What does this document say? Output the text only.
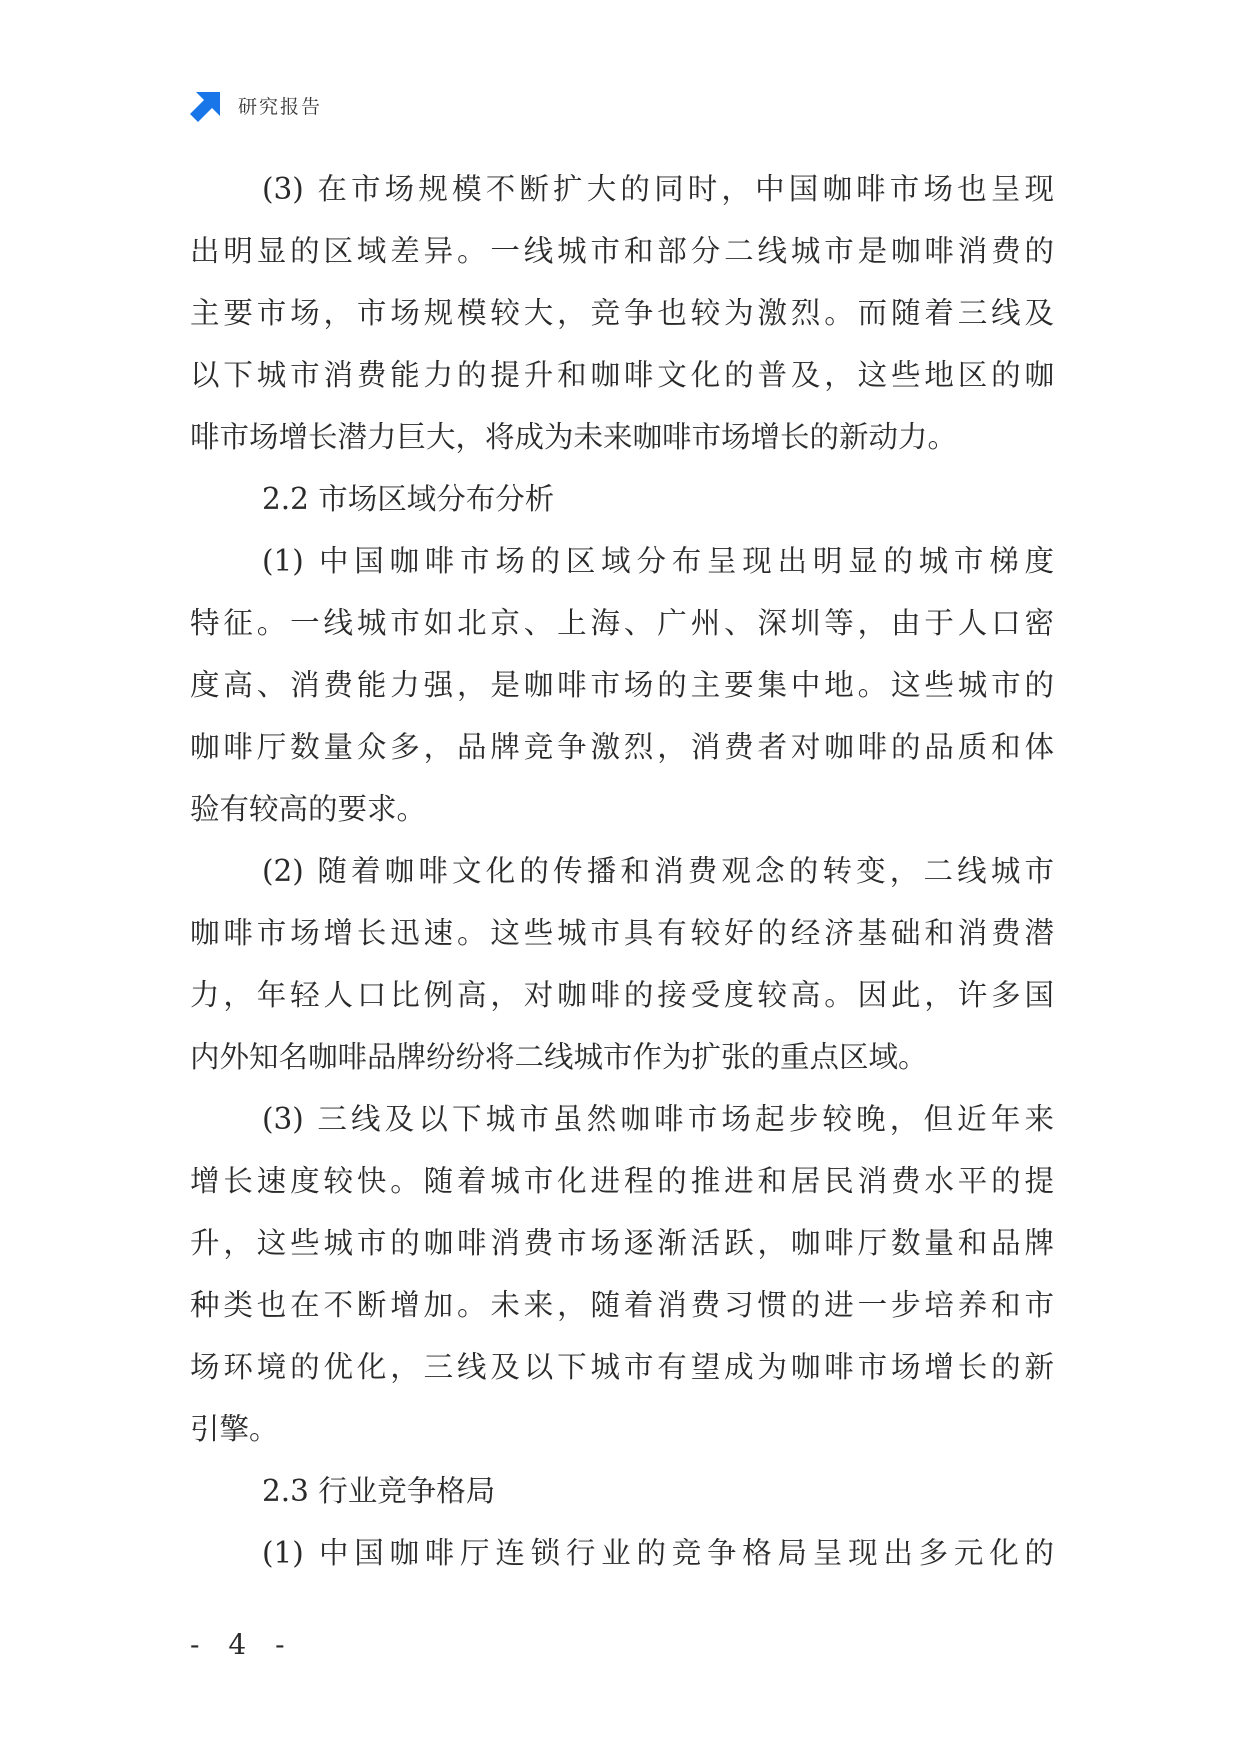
研究报告
(3) 在市场规模不断扩大的同时，中国咖啡市场也呈现
出明显的区域差异。一线城市和部分二线城市是咖啡消费的
主要市场，市场规模较大，竞争也较为激烈。而随着三线及
以下城市消费能力的提升和咖啡文化的普及，这些地区的咖
啡市场增长潜力巨大，将成为未来咖啡市场增长的新动力。
2.2 市场区域分布分析
(1) 中国咖啡市场的区域分布呈现出明显的城市梯度
特征。一线城市如北京、上海、广州、深圳等，由于人口密
度高、消费能力强，是咖啡市场的主要集中地。这些城市的
咖啡厅数量众多，品牌竞争激烈，消费者对咖啡的品质和体
验有较高的要求。
(2) 随着咖啡文化的传播和消费观念的转变，二线城市
咖啡市场增长迅速。这些城市具有较好的经济基础和消费潜
力，年轻人口比例高，对咖啡的接受度较高。因此，许多国
内外知名咖啡品牌纷纷将二线城市作为扩张的重点区域。
(3) 三线及以下城市虽然咖啡市场起步较晚，但近年来
增长速度较快。随着城市化进程的推进和居民消费水平的提
升，这些城市的咖啡消费市场逐渐活跃，咖啡厅数量和品牌
种类也在不断增加。未来，随着消费习惯的进一步培养和市
场环境的优化，三线及以下城市有望成为咖啡市场增长的新
引擎。
2.3 行业竞争格局
(1) 中国咖啡厅连锁行业的竞争格局呈现出多元化的
- 4 -
